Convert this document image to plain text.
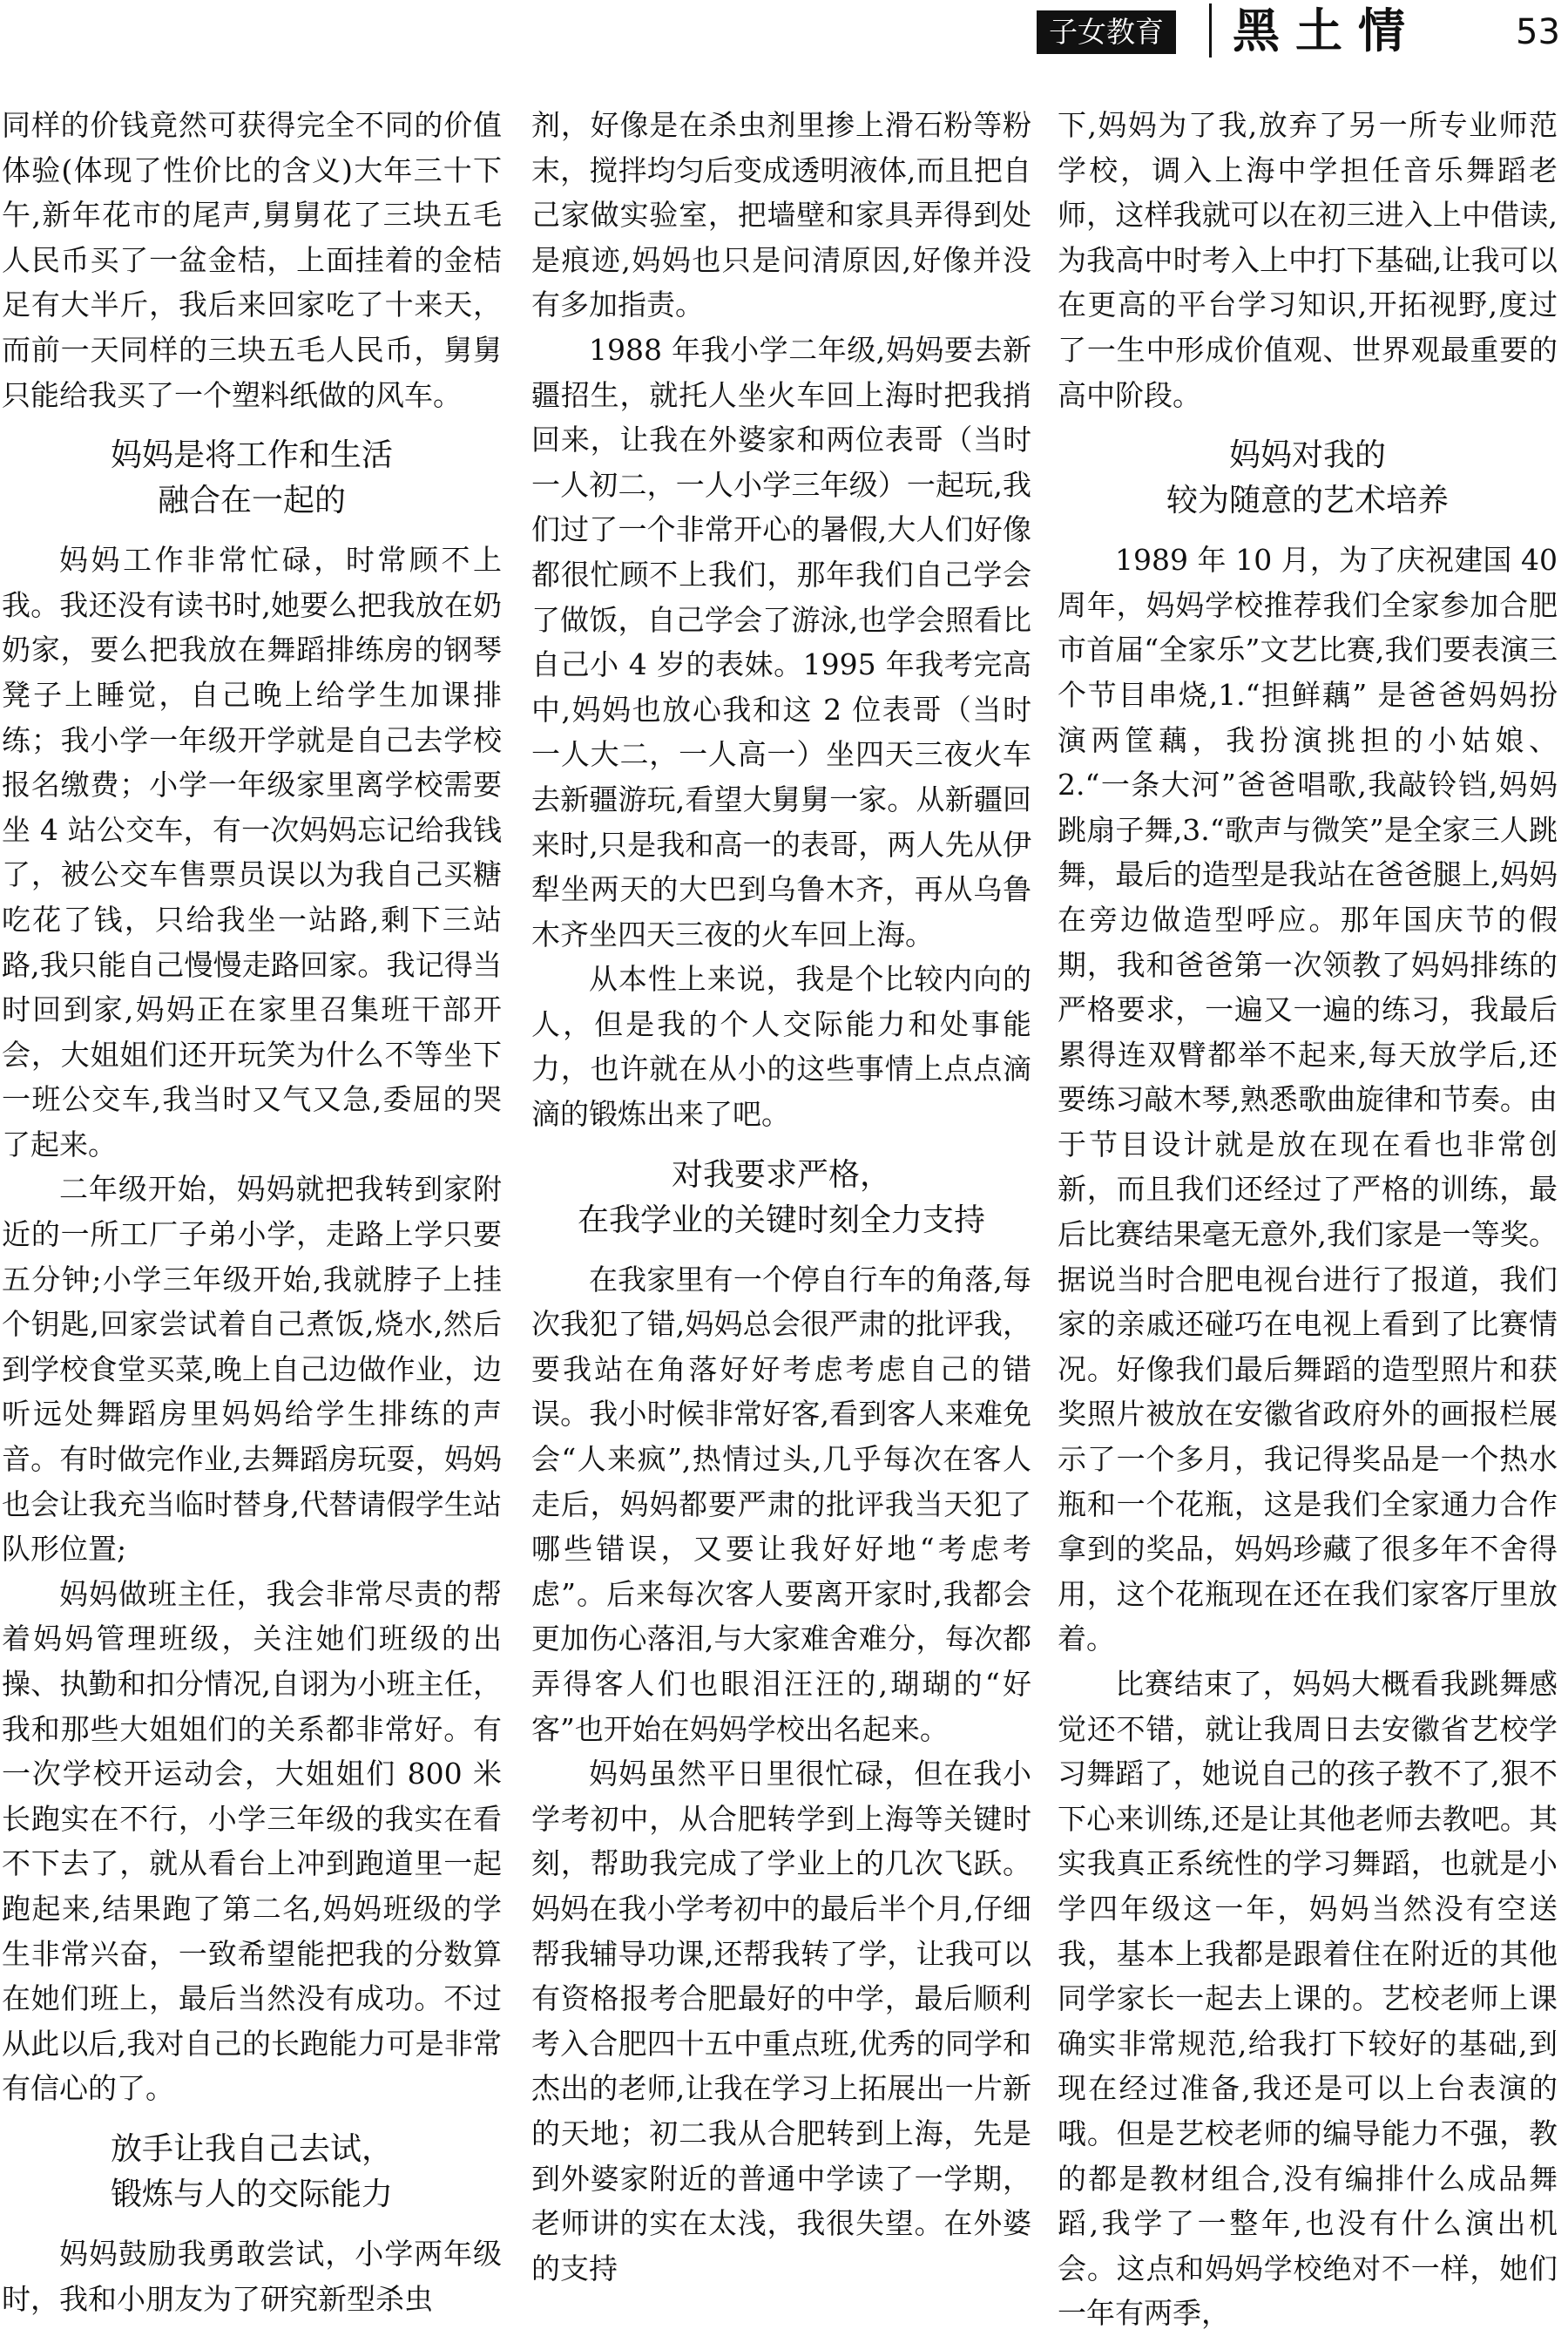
子女教育 黑土情	53

同样的价钱竟然可获得完全不同的价值体验(体现了性价比的含义)大年三十下午,新年花市的尾声,舅舅花了三块五毛人民币买了一盆金桔，上面挂着的金桔足有大半斤，我后来回家吃了十来天，而前一天同样的三块五毛人民币，舅舅只能给我买了一个塑料纸做的风车。

妈妈是将工作和生活
融合在一起的

妈妈工作非常忙碌，时常顾不上我。我还没有读书时,她要么把我放在奶奶家，要么把我放在舞蹈排练房的钢琴凳子上睡觉，自己晚上给学生加课排练；我小学一年级开学就是自己去学校报名缴费；小学一年级家里离学校需要坐 4 站公交车，有一次妈妈忘记给我钱了，被公交车售票员误以为我自己买糖吃花了钱，只给我坐一站路,剩下三站路,我只能自己慢慢走路回家。我记得当时回到家,妈妈正在家里召集班干部开会，大姐姐们还开玩笑为什么不等坐下一班公交车,我当时又气又急,委屈的哭了起来。

二年级开始，妈妈就把我转到家附近的一所工厂子弟小学，走路上学只要五分钟;小学三年级开始,我就脖子上挂个钥匙,回家尝试着自己煮饭,烧水,然后到学校食堂买菜,晚上自己边做作业，边听远处舞蹈房里妈妈给学生排练的声音。有时做完作业,去舞蹈房玩耍，妈妈也会让我充当临时替身,代替请假学生站队形位置;

妈妈做班主任，我会非常尽责的帮着妈妈管理班级，关注她们班级的出操、执勤和扣分情况,自诩为小班主任，我和那些大姐姐们的关系都非常好。有一次学校开运动会，大姐姐们 800 米长跑实在不行，小学三年级的我实在看不下去了，就从看台上冲到跑道里一起跑起来,结果跑了第二名,妈妈班级的学生非常兴奋，一致希望能把我的分数算在她们班上，最后当然没有成功。不过从此以后,我对自己的长跑能力可是非常有信心的了。

放手让我自己去试，
锻炼与人的交际能力

妈妈鼓励我勇敢尝试，小学两年级时，我和小朋友为了研究新型杀虫

剂，好像是在杀虫剂里掺上滑石粉等粉末，搅拌均匀后变成透明液体,而且把自己家做实验室，把墙壁和家具弄得到处是痕迹,妈妈也只是问清原因,好像并没有多加指责。

1988 年我小学二年级,妈妈要去新疆招生，就托人坐火车回上海时把我捎回来，让我在外婆家和两位表哥（当时一人初二，一人小学三年级）一起玩,我们过了一个非常开心的暑假,大人们好像都很忙顾不上我们，那年我们自己学会了做饭，自己学会了游泳,也学会照看比自己小 4 岁的表妹。1995 年我考完高中,妈妈也放心我和这 2 位表哥（当时一人大二，一人高一）坐四天三夜火车去新疆游玩,看望大舅舅一家。从新疆回来时,只是我和高一的表哥，两人先从伊犁坐两天的大巴到乌鲁木齐，再从乌鲁木齐坐四天三夜的火车回上海。

从本性上来说，我是个比较内向的人，但是我的个人交际能力和处事能力，也许就在从小的这些事情上点点滴滴的锻炼出来了吧。

对我要求严格，
在我学业的关键时刻全力支持

在我家里有一个停自行车的角落,每次我犯了错,妈妈总会很严肃的批评我，要我站在角落好好考虑考虑自己的错误。我小时候非常好客,看到客人来难免会“人来疯”,热情过头,几乎每次在客人走后，妈妈都要严肃的批评我当天犯了哪些错误，又要让我好好地“考虑考虑”。后来每次客人要离开家时,我都会更加伤心落泪,与大家难舍难分，每次都弄得客人们也眼泪汪汪的,瑚瑚的“好客”也开始在妈妈学校出名起来。

妈妈虽然平日里很忙碌，但在我小学考初中，从合肥转学到上海等关键时刻，帮助我完成了学业上的几次飞跃。妈妈在我小学考初中的最后半个月,仔细帮我辅导功课,还帮我转了学，让我可以有资格报考合肥最好的中学，最后顺利考入合肥四十五中重点班,优秀的同学和杰出的老师,让我在学习上拓展出一片新的天地；初二我从合肥转到上海，先是到外婆家附近的普通中学读了一学期，老师讲的实在太浅，我很失望。在外婆的支持

下,妈妈为了我,放弃了另一所专业师范学校，调入上海中学担任音乐舞蹈老师，这样我就可以在初三进入上中借读,为我高中时考入上中打下基础,让我可以在更高的平台学习知识,开拓视野,度过了一生中形成价值观、世界观最重要的高中阶段。

妈妈对我的
较为随意的艺术培养

1989 年 10 月，为了庆祝建国 40 周年，妈妈学校推荐我们全家参加合肥市首届“全家乐”文艺比赛,我们要表演三个节目串烧,1.“担鲜藕” 是爸爸妈妈扮演两筐藕，我扮演挑担的小姑娘、2.“一条大河”爸爸唱歌,我敲铃铛,妈妈跳扇子舞,3.“歌声与微笑”是全家三人跳舞，最后的造型是我站在爸爸腿上,妈妈在旁边做造型呼应。那年国庆节的假期，我和爸爸第一次领教了妈妈排练的严格要求，一遍又一遍的练习，我最后累得连双臂都举不起来,每天放学后,还要练习敲木琴,熟悉歌曲旋律和节奏。由于节目设计就是放在现在看也非常创新，而且我们还经过了严格的训练，最后比赛结果毫无意外,我们家是一等奖。据说当时合肥电视台进行了报道，我们家的亲戚还碰巧在电视上看到了比赛情况。好像我们最后舞蹈的造型照片和获奖照片被放在安徽省政府外的画报栏展示了一个多月，我记得奖品是一个热水瓶和一个花瓶，这是我们全家通力合作拿到的奖品，妈妈珍藏了很多年不舍得用，这个花瓶现在还在我们家客厅里放着。

比赛结束了，妈妈大概看我跳舞感觉还不错，就让我周日去安徽省艺校学习舞蹈了，她说自己的孩子教不了,狠不下心来训练,还是让其他老师去教吧。其实我真正系统性的学习舞蹈，也就是小学四年级这一年，妈妈当然没有空送我，基本上我都是跟着住在附近的其他同学家长一起去上课的。艺校老师上课确实非常规范,给我打下较好的基础,到现在经过准备,我还是可以上台表演的哦。但是艺校老师的编导能力不强，教的都是教材组合,没有编排什么成品舞蹈,我学了一整年,也没有什么演出机会。这点和妈妈学校绝对不一样，她们一年有两季，
